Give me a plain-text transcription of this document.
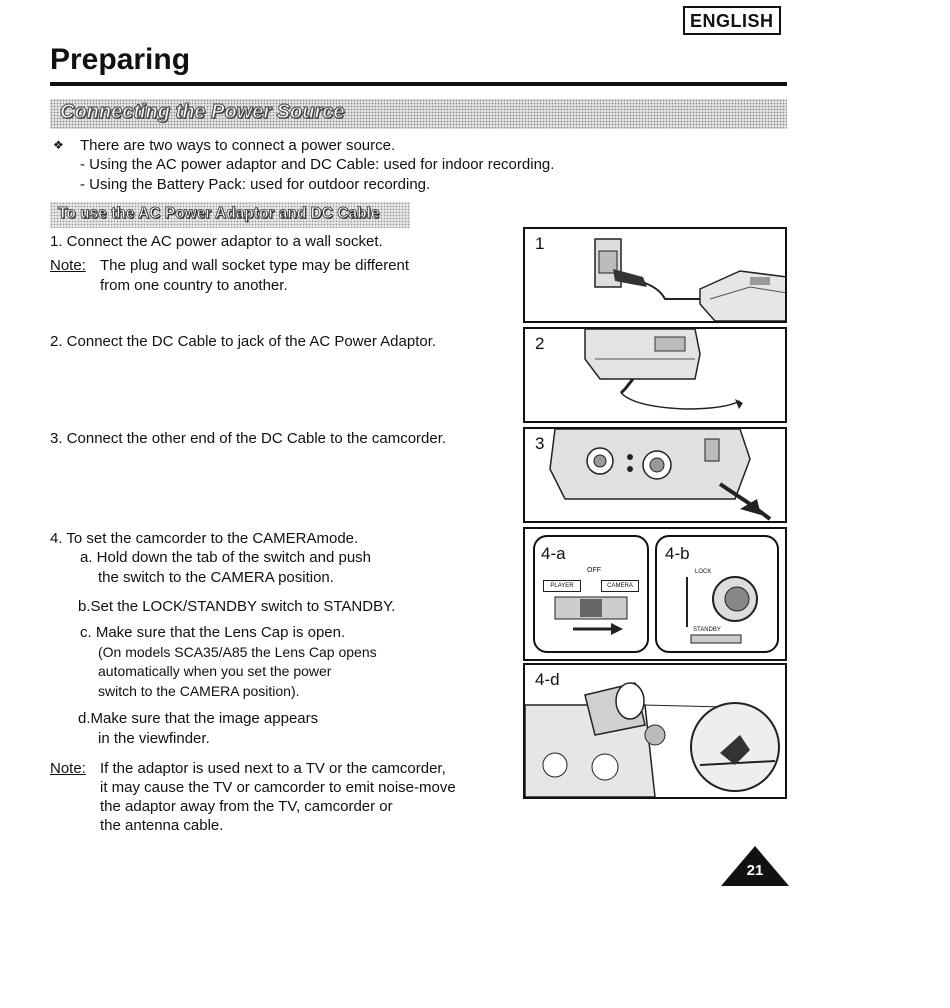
ENGLISH
Preparing
Connecting the Power Source
❖ There are two ways to connect a power source.
- Using the AC power adaptor and DC Cable: used for indoor recording.
- Using the Battery Pack: used for outdoor recording.
To use the AC Power Adaptor and DC Cable
1. Connect the AC power adaptor to a wall socket.
Note: The plug and wall socket type may be different
from one country to another.
2. Connect the DC Cable to jack of the AC Power Adaptor.
3. Connect the other end of the DC Cable to the camcorder.
4. To set the camcorder to the CAMERAmode.
a. Hold down the tab of the switch and push
the switch to the CAMERA position.
b.Set the LOCK/STANDBY switch to STANDBY.
c. Make sure that the Lens Cap is open.
(On models SCA35/A85 the Lens Cap opens
automatically when you set the power
switch to the CAMERA position).
d.Make sure that the image appears
in the viewfinder.
Note: If the adaptor is used next to a TV or the camcorder,
it may cause the TV or camcorder to emit noise-move
the adaptor away from the TV, camcorder or
the antenna cable.
1
2
3
4-a
OFF
PLAYER	CAMERA
4-b
LOCK
STANDBY
4-d
21
